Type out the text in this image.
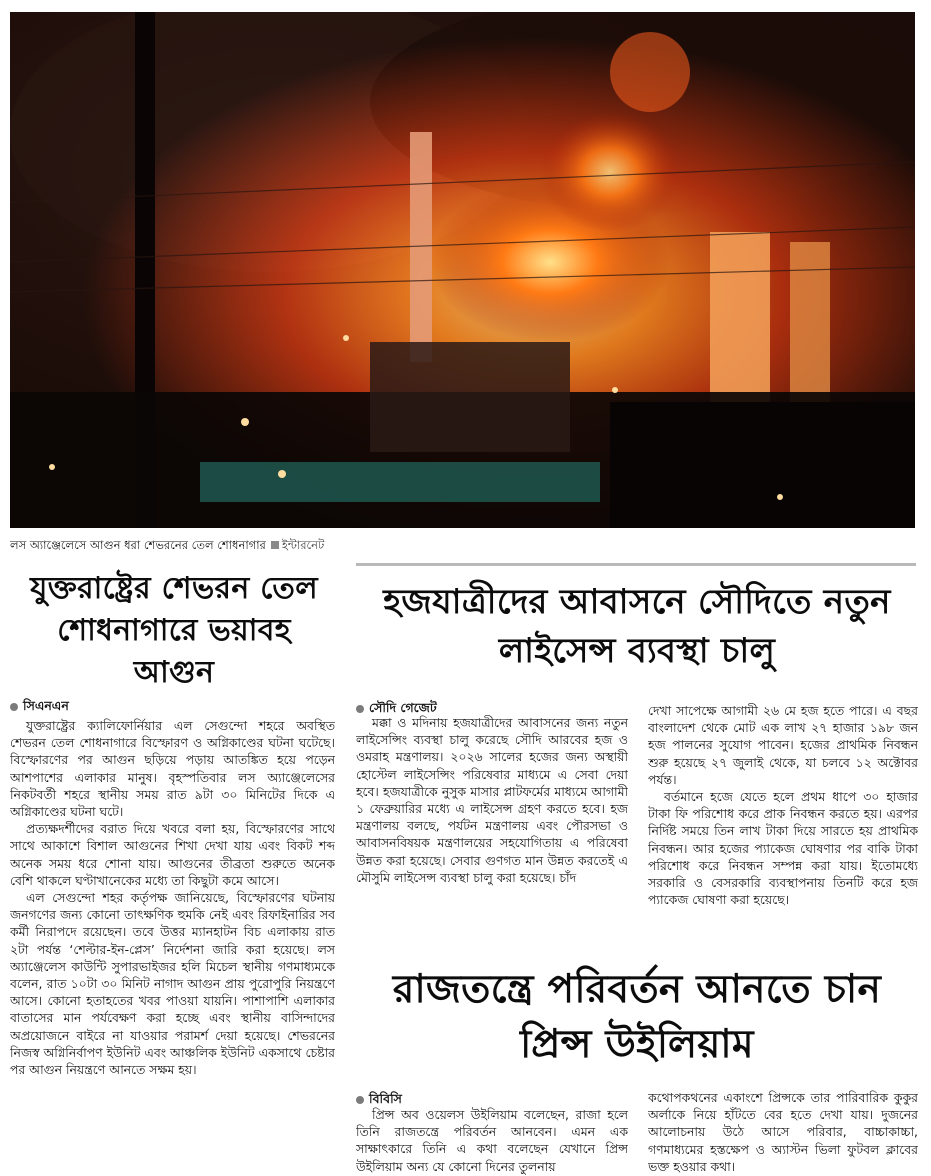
লস অ্যাঞ্জেলেসে আগুন ধরা শেভরনের তেল শোধনাগার ইন্টারনেট
যুক্তরাষ্ট্রের শেভরন তেল শোধনাগারে ভয়াবহ আগুন
সিএনএন

যুক্তরাষ্ট্রের ক্যালিফোর্নিয়ার এল সেগুন্দো শহরে অবস্থিত শেভরন তেল শোধনাগারে বিস্ফোরণ ও অগ্নিকাণ্ডের ঘটনা ঘটেছে। বিস্ফোরণের পর আগুন ছড়িয়ে পড়ায় আতঙ্কিত হয়ে পড়েন আশপাশের এলাকার মানুষ। বৃহস্পতিবার লস অ্যাঞ্জেলেসের নিকটবর্তী শহরে স্থানীয় সময় রাত ৯টা ৩০ মিনিটের দিকে এ অগ্নিকাণ্ডের ঘটনা ঘটে।

প্রত্যক্ষদর্শীদের বরাত দিয়ে খবরে বলা হয়, বিস্ফোরণের সাথে সাথে আকাশে বিশাল আগুনের শিখা দেখা যায় এবং বিকট শব্দ অনেক সময় ধরে শোনা যায়। আগুনের তীব্রতা শুরুতে অনেক বেশি থাকলে ঘণ্টাখানেকের মধ্যে তা কিছুটা কমে আসে।

এল সেগুন্দো শহর কর্তৃপক্ষ জানিয়েছে, বিস্ফোরণের ঘটনায় জনগণের জন্য কোনো তাৎক্ষণিক হুমকি নেই এবং রিফাইনারির সব কর্মী নিরাপদে রয়েছেন। তবে উত্তর ম্যানহাটন বিচ এলাকায় রাত ২টা পর্যন্ত ‘শেল্টার-ইন-প্লেস’ নির্দেশনা জারি করা হয়েছে। লস অ্যাঞ্জেলেস কাউন্টি সুপারভাইজর হলি মিচেল স্থানীয় গণমাধ্যমকে বলেন, রাত ১০টা ৩০ মিনিট নাগাদ আগুন প্রায় পুরোপুরি নিয়ন্ত্রণে আসে। কোনো হতাহতের খবর পাওয়া যায়নি। পাশাপাশি এলাকার বাতাসের মান পর্যবেক্ষণ করা হচ্ছে এবং স্থানীয় বাসিন্দাদের অপ্রয়োজনে বাইরে না যাওয়ার পরামর্শ দেয়া হয়েছে। শেভরনের নিজস্ব অগ্নিনির্বাপণ ইউনিট এবং আঞ্চলিক ইউনিট একসাথে চেষ্টার পর আগুন নিয়ন্ত্রণে আনতে সক্ষম হয়।

হজযাত্রীদের আবাসনে সৌদিতে নতুন লাইসেন্স ব্যবস্থা চালু
সৌদি গেজেট

মক্কা ও মদিনায় হজযাত্রীদের আবাসনের জন্য নতুন লাইসেন্সিং ব্যবস্থা চালু করেছে সৌদি আরবের হজ ও ওমরাহ মন্ত্রণালয়। ২০২৬ সালের হজের জন্য অস্থায়ী হোস্টেল লাইসেন্সিং পরিষেবার মাধ্যমে এ সেবা দেয়া হবে। হজযাত্রীকে নুসুক মাসার প্লাটফর্মের মাধ্যমে আগামী ১ ফেব্রুয়ারির মধ্যে এ লাইসেন্স গ্রহণ করতে হবে। হজ মন্ত্রণালয় বলছে, পর্যটন মন্ত্রণালয় এবং পৌরসভা ও আবাসনবিষয়ক মন্ত্রণালয়ের সহযোগিতায় এ পরিষেবা উন্নত করা হয়েছে। সেবার গুণগত মান উন্নত করতেই এ মৌসুমি লাইসেন্স ব্যবস্থা চালু করা হয়েছে। চাঁদ

দেখা সাপেক্ষে আগামী ২৬ মে হজ হতে পারে। এ বছর বাংলাদেশ থেকে মোট এক লাখ ২৭ হাজার ১৯৮ জন হজ পালনের সুযোগ পাবেন। হজের প্রাথমিক নিবন্ধন শুরু হয়েছে ২৭ জুলাই থেকে, যা চলবে ১২ অক্টোবর পর্যন্ত।

বর্তমানে হজে যেতে হলে প্রথম ধাপে ৩০ হাজার টাকা ফি পরিশোধ করে প্রাক নিবন্ধন করতে হয়। এরপর নির্দিষ্ট সময়ে তিন লাখ টাকা দিয়ে সারতে হয় প্রাথমিক নিবন্ধন। আর হজের প্যাকেজ ঘোষণার পর বাকি টাকা পরিশোধ করে নিবন্ধন সম্পন্ন করা যায়। ইতোমধ্যে সরকারি ও বেসরকারি ব্যবস্থাপনায় তিনটি করে হজ প্যাকেজ ঘোষণা করা হয়েছে।

রাজতন্ত্রে পরিবর্তন আনতে চান প্রিন্স উইলিয়াম
বিবিসি

প্রিন্স অব ওয়েলস উইলিয়াম বলেছেন, রাজা হলে তিনি রাজতন্ত্রে পরিবর্তন আনবেন। এমন এক সাক্ষাৎকারে তিনি এ কথা বলেছেন যেখানে প্রিন্স উইলিয়াম অন্য যে কোনো দিনের তুলনায়

কথোপকথনের একাংশে প্রিন্সকে তার পারিবারিক কুকুর অর্লাকে নিয়ে হাঁটতে বের হতে দেখা যায়। দুজনের আলোচনায় উঠে আসে পরিবার, বাচ্চাকাচ্চা, গণমাধ্যমের হস্তক্ষেপ ও অ্যাস্টন ভিলা ফুটবল ক্লাবের ভক্ত হওয়ার কথা।
